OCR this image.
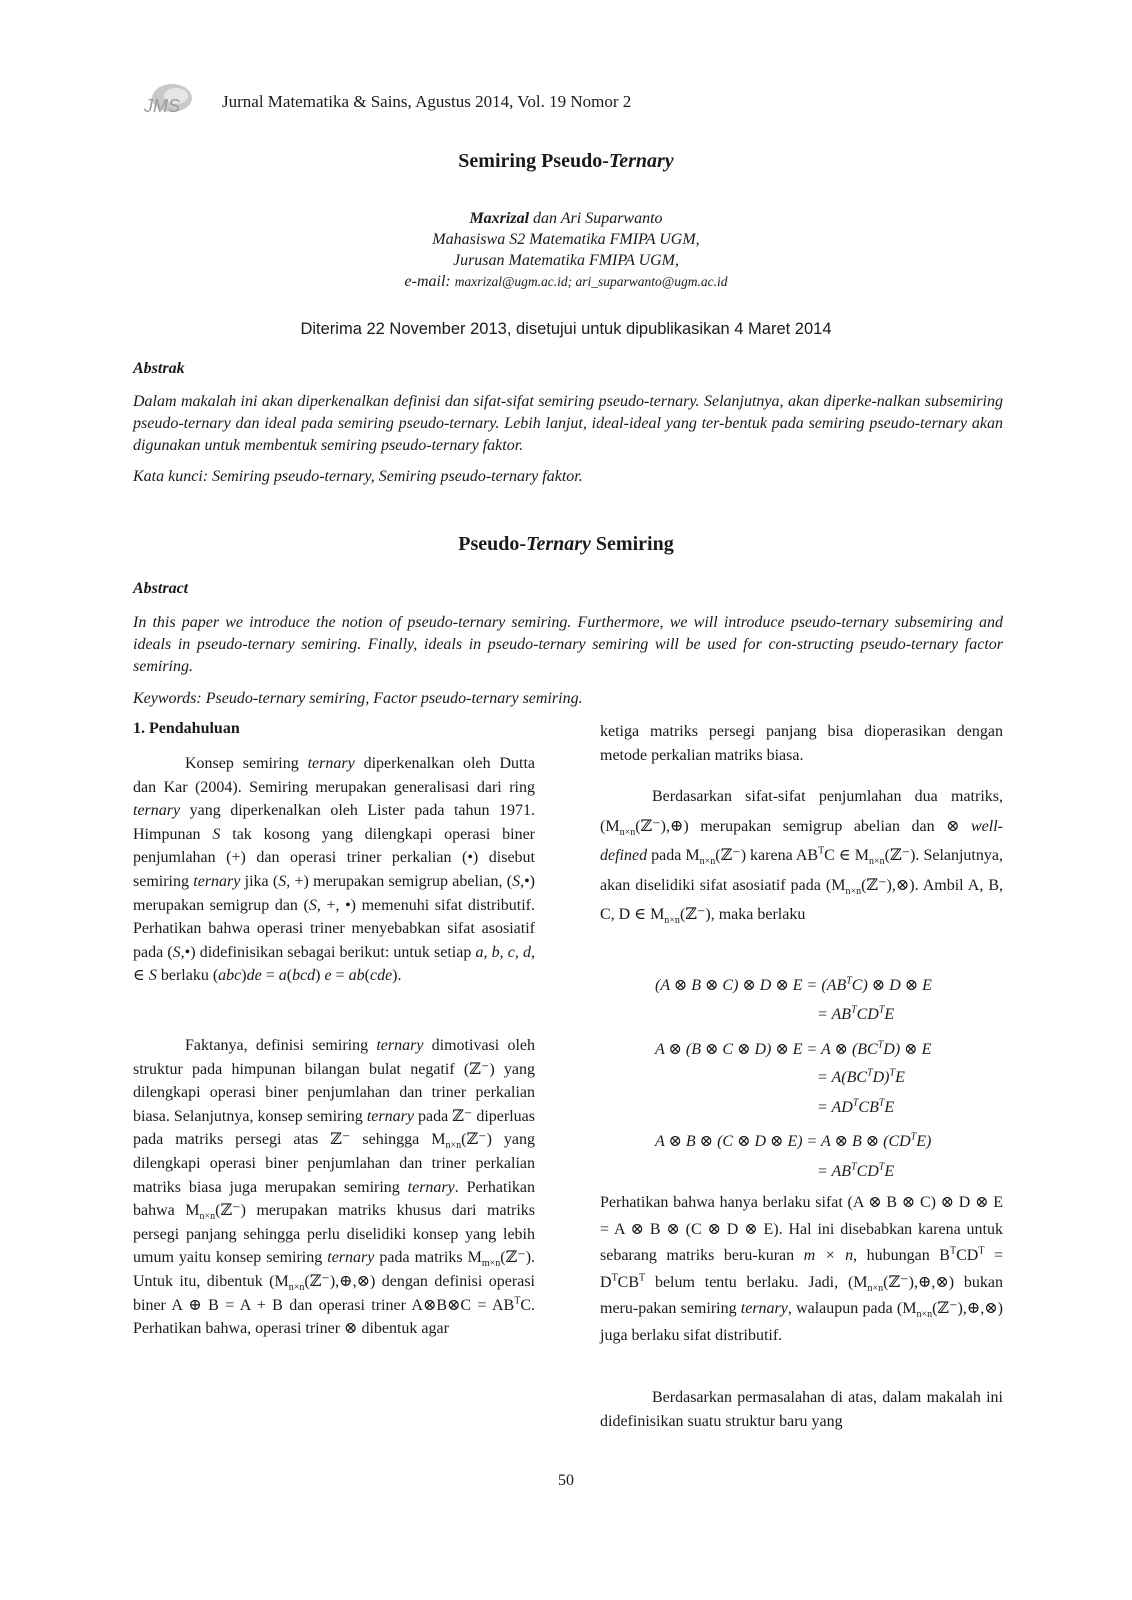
JMS Jurnal Matematika & Sains, Agustus 2014, Vol. 19 Nomor 2
Semiring Pseudo-Ternary
Maxrizal dan Ari Suparwanto
Mahasiswa S2 Matematika FMIPA UGM,
Jurusan Matematika FMIPA UGM,
e-mail: maxrizal@ugm.ac.id; ari_suparwanto@ugm.ac.id
Diterima 22 November 2013, disetujui untuk dipublikasikan 4 Maret 2014
Abstrak
Dalam makalah ini akan diperkenalkan definisi dan sifat-sifat semiring pseudo-ternary. Selanjutnya, akan diperke-nalkan subsemiring pseudo-ternary dan ideal pada semiring pseudo-ternary. Lebih lanjut, ideal-ideal yang ter-bentuk pada semiring pseudo-ternary akan digunakan untuk membentuk semiring pseudo-ternary faktor.
Kata kunci: Semiring pseudo-ternary, Semiring pseudo-ternary faktor.
Pseudo-Ternary Semiring
Abstract
In this paper we introduce the notion of pseudo-ternary semiring. Furthermore, we will introduce pseudo-ternary subsemiring and ideals in pseudo-ternary semiring. Finally, ideals in pseudo-ternary semiring will be used for con-structing pseudo-ternary factor semiring.
Keywords: Pseudo-ternary semiring, Factor pseudo-ternary semiring.
1. Pendahuluan

Konsep semiring ternary diperkenalkan oleh Dutta dan Kar (2004). Semiring merupakan generalisasi dari ring ternary yang diperkenalkan oleh Lister pada tahun 1971. Himpunan S tak kosong yang dilengkapi operasi biner penjumlahan (+) dan operasi triner perkalian (•) disebut semiring ternary jika (S, +) merupakan semigrup abelian, (S,•) merupakan semigrup dan (S, +, •) memenuhi sifat distributif. Perhatikan bahwa operasi triner menyebabkan sifat asosiatif pada (S,•) didefinisikan sebagai berikut: untuk setiap a, b, c, d, ∈ S berlaku (abc)de = a(bcd) e = ab(cde).

Faktanya, definisi semiring ternary dimotivasi oleh struktur pada himpunan bilangan bulat negatif (ℤ⁻) yang dilengkapi operasi biner penjumlahan dan triner perkalian biasa. Selanjutnya, konsep semiring ternary pada ℤ⁻ diperluas pada matriks persegi atas ℤ⁻ sehingga $M_{n\times n}(ℤ^-)$ yang dilengkapi operasi biner penjumlahan dan triner perkalian matriks biasa juga merupakan semiring ternary. Perhatikan bahwa $M_{n\times n}(ℤ^-)$ merupakan matriks khusus dari matriks persegi panjang sehingga perlu diselidiki konsep yang lebih umum yaitu konsep semiring ternary pada matriks $M_{m\times n}(ℤ^-)$. Untuk itu, dibentuk $(M_{n\times n}(ℤ^-),\oplus,\otimes)$ dengan definisi operasi biner A ⊕ B = A + B dan operasi triner A⊗B⊗C = $AB^TC$. Perhatikan bahwa, operasi triner ⊗ dibentuk agar

ketiga matriks persegi panjang bisa dioperasikan dengan metode perkalian matriks biasa.

Berdasarkan sifat-sifat penjumlahan dua matriks, $(M_{n\times n}(ℤ^-),\oplus)$ merupakan semigrup abelian dan ⊗ well-defined pada $M_{n\times n}(ℤ^-)$ karena $AB^TC$ ∈ $M_{n\times n}(ℤ^-)$. Selanjutnya, akan diselidiki sifat asosiatif pada $(M_{n\times n}(ℤ^-),\otimes)$. Ambil A, B, C, D ∈ $M_{n\times n}(ℤ^-)$, maka berlaku

(A ⊗ B ⊗ C) ⊗ D ⊗ $E = (AB^TC)$ ⊗ D ⊗ E
= $AB^TCD^TE$
A ⊗ (B ⊗ C ⊗ D) ⊗ E = A ⊗ $(BC^TD)$ ⊗ E
= $A(BC^TD)^TE$
= $AD^TCB^TE$
A ⊗ B ⊗ (C ⊗ D ⊗ E) = A ⊗ B ⊗ $(CD^TE)$
= $AB^TCD^TE$

Perhatikan bahwa hanya berlaku sifat (A ⊗ B ⊗ C) ⊗ D ⊗ E = A ⊗ B ⊗ (C ⊗ D ⊗ E). Hal ini disebabkan karena untuk sebarang matriks beru-kuran m × n, hubungan $B^TCD^T = D^TCB^T$ belum tentu berlaku. Jadi, $(M_{n\times n}(ℤ^-),\oplus,\otimes)$ bukan meru-pakan semiring ternary, walaupun pada $(M_{n\times n}(ℤ^-),\oplus,\otimes)$ juga berlaku sifat distributif.

Berdasarkan permasalahan di atas, dalam makalah ini didefinisikan suatu struktur baru yang

50
